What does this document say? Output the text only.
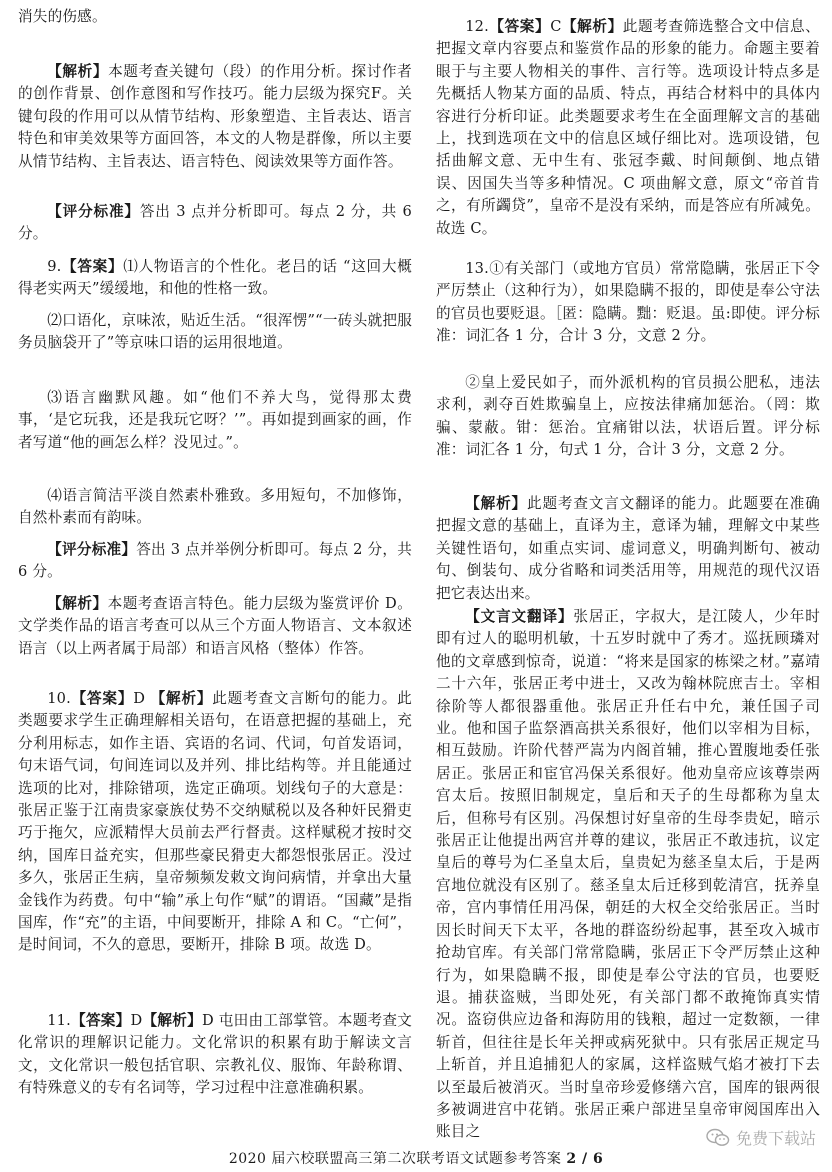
消失的伤感。
【解析】本题考查关键句（段）的作用分析。探讨作者的创作背景、创作意图和写作技巧。能力层级为探究F。关键句段的作用可以从情节结构、形象塑造、主旨表达、语言特色和审美效果等方面回答，本文的人物是群像，所以主要从情节结构、主旨表达、语言特色、阅读效果等方面作答。
【评分标准】答出 3 点并分析即可。每点 2 分，共 6 分。
9.【答案】⑴人物语言的个性化。老吕的话 “这回大概得老实两天”缓缓地，和他的性格一致。
⑵口语化，京味浓，贴近生活。“很浑愣”“一砖头就把服务员脑袋开了”等京味口语的运用很地道。
⑶语言幽默风趣。如“他们不养大鸟，觉得那太费事，‘是它玩我，还是我玩它呀？’”。再如提到画家的画，作者写道“他的画怎么样？没见过。”。
⑷语言简洁平淡自然素朴雅致。多用短句，不加修饰，自然朴素而有韵味。
【评分标准】答出 3 点并举例分析即可。每点 2 分，共 6 分。
【解析】本题考查语言特色。能力层级为鉴赏评价 D。文学类作品的语言考查可以从三个方面人物语言、文本叙述语言（以上两者属于局部）和语言风格（整体）作答。
10.【答案】D 【解析】此题考查文言断句的能力。此类题要求学生正确理解相关语句，在语意把握的基础上，充分利用标志，如作主语、宾语的名词、代词，句首发语词，句末语气词，句间连词以及并列、排比结构等。并且能通过选项的比对，排除错项，选定正确项。划线句子的大意是：张居正鉴于江南贵家豪族仗势不交纳赋税以及各种奸民猾吏巧于拖欠，应派精悍大员前去严行督责。这样赋税才按时交纳，国库日益充实，但那些豪民猾吏大都怨恨张居正。没过多久，张居正生病，皇帝频频发敕文询问病情，并拿出大量金钱作为药费。句中“输”承上句作“赋”的谓语。“国藏”是指国库，作“充”的主语，中间要断开，排除 A 和 C。“亡何”，是时间词，不久的意思，要断开，排除 B 项。故选 D。
11.【答案】D【解析】D 屯田由工部掌管。本题考查文化常识的理解识记能力。文化常识的积累有助于解读文言文，文化常识一般包括官职、宗教礼仪、服饰、年龄称谓、有特殊意义的专有名词等，学习过程中注意准确积累。
12.【答案】C【解析】此题考查筛选整合文中信息、把握文章内容要点和鉴赏作品的形象的能力。命题主要着眼于与主要人物相关的事件、言行等。选项设计特点多是先概括人物某方面的品质、特点，再结合材料中的具体内容进行分析印证。此类题要求考生在全面理解文言的基础上，找到选项在文中的信息区域仔细比对。选项设错，包括曲解文意、无中生有、张冠李戴、时间颠倒、地点错误、因国失当等多种情况。C 项曲解文意，原文“帝首肯之，有所蠲贷”，皇帝不是没有采纳，而是答应有所减免。故选 C。
13.①有关部门（或地方官员）常常隐瞒，张居正下令严厉禁止（这种行为），如果隐瞒不报的，即使是奉公守法的官员也要贬退。［匿：隐瞒。黜：贬退。虽:即使。评分标准：词汇各 1 分，合计 3 分，文意 2 分。
②皇上爱民如子，而外派机构的官员损公肥私，违法求利，剥夺百姓欺骗皇上，应按法律痛加惩治。（罔：欺骗、蒙蔽。钳：惩治。宜痛钳以法，状语后置。评分标准：词汇各 1 分，句式 1 分，合计 3 分，文意 2 分。
【解析】此题考查文言文翻译的能力。此题要在准确把握文意的基础上，直译为主，意译为辅，理解文中某些关键性语句，如重点实词、虚词意义，明确判断句、被动句、倒装句、成分省略和词类活用等，用规范的现代汉语把它表达出来。
【文言文翻译】张居正，字叔大，是江陵人，少年时即有过人的聪明机敏，十五岁时就中了秀才。巡抚顾璘对他的文章感到惊奇，说道：“将来是国家的栋梁之材。”嘉靖二十六年，张居正考中进士，又改为翰林院庶吉士。宰相徐阶等人都很器重他。张居正升任右中允，兼任国子司业。他和国子监祭酒高拱关系很好，他们以宰相为目标，相互鼓励。许阶代替严嵩为内阁首辅，推心置腹地委任张居正。张居正和宦官冯保关系很好。他劝皇帝应该尊崇两宫太后。按照旧制规定，皇后和天子的生母都称为皇太后，但称号有区别。冯保想讨好皇帝的生母李贵妃，暗示张居正让他提出两宫并尊的建议，张居正不敢违抗，议定皇后的尊号为仁圣皇太后，皇贵妃为慈圣皇太后，于是两宫地位就没有区别了。慈圣皇太后迁移到乾清宫，抚养皇帝，宫内事情任用冯保，朝廷的大权全交给张居正。当时因长时间天下太平，各地的群盗纷纷起事，甚至攻入城市抢劫官库。有关部门常常隐瞒，张居正下令严厉禁止这种行为，如果隐瞒不报，即使是奉公守法的官员，也要贬退。捕获盗贼，当即处死，有关部门都不敢掩饰真实情况。盗窃供应边备和海防用的钱粮，超过一定数额，一律斩首，但往往是长年关押或病死狱中。只有张居正规定马上斩首，并且追捕犯人的家属，这样盗贼气焰才被打下去以至最后被消灭。当时皇帝珍爱修缮六宫，国库的银两很多被调进宫中花销。张居正乘户部进呈皇帝审阅国库出入账目之
2020 届六校联盟高三第二次联考语文试题参考答案 2 / 6
免费下载站
